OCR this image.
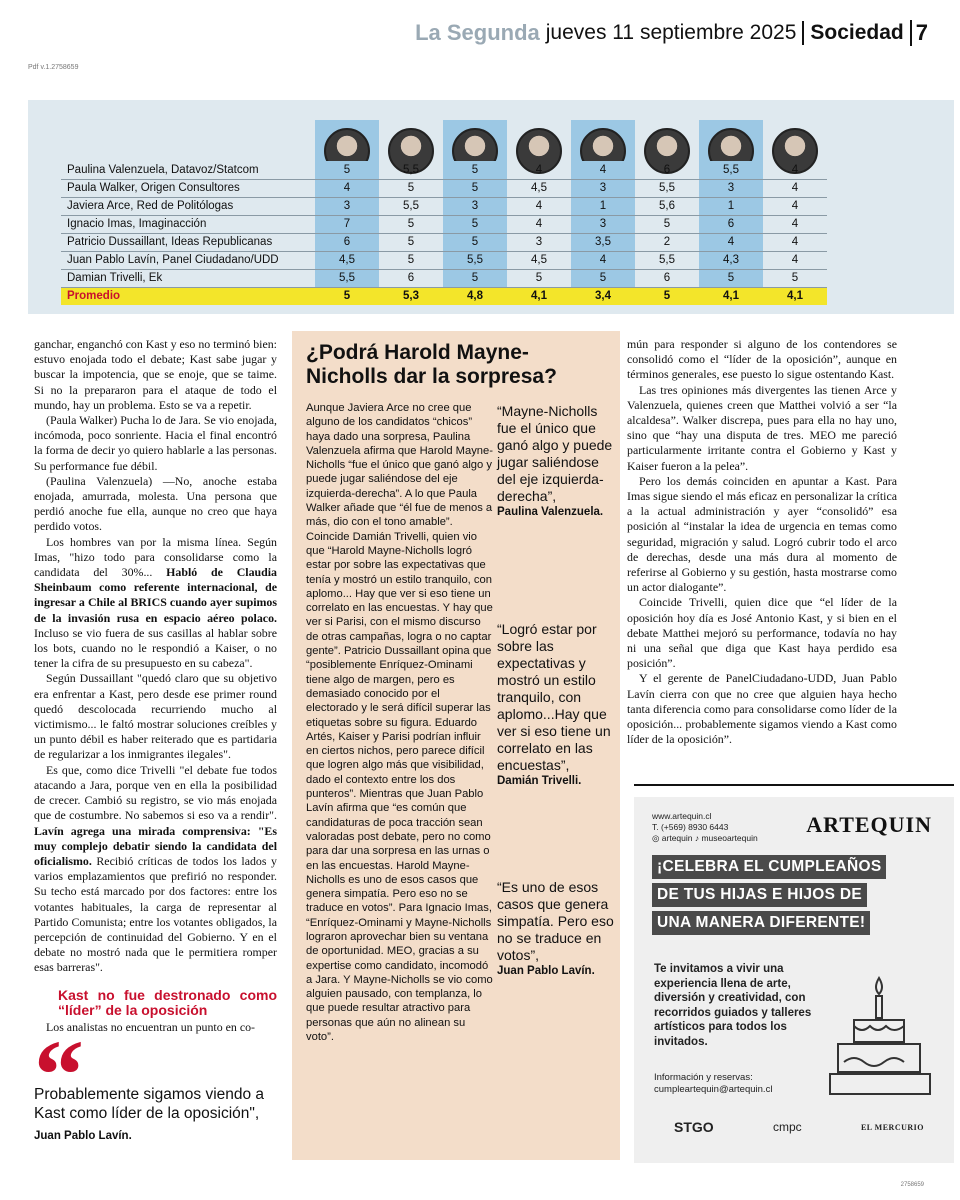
La Segunda jueves 11 septiembre 2025 Sociedad 7
Pdf v.1.2758659
Paulina Valenzuela, Datavoz/Statcom	5	5,5	5	4	4	6	5,5	4
Paula Walker, Origen Consultores	4	5	5	4,5	3	5,5	3	4
Javiera Arce, Red de Politólogas	3	5,5	3	4	1	5,6	1	4
Ignacio Imas, Imaginacción	7	5	5	4	3	5	6	4
Patricio Dussaillant, Ideas Republicanas	6	5	5	3	3,5	2	4	4
Juan Pablo Lavín, Panel Ciudadano/UDD	4,5	5	5,5	4,5	4	5,5	4,3	4
Damian Trivelli, Ek	5,5	6	5	5	5	6	5	5
Promedio	5	5,3	4,8	4,1	3,4	5	4,1	4,1

ganchar, enganchó con Kast y eso no terminó bien: estuvo enojada todo el debate; Kast sabe jugar y buscar la impotencia, que se enoje, que se taime. Si no la prepararon para el ataque de todo el mundo, hay un problema. Esto se va a repetir.

(Paula Walker) Pucha lo de Jara. Se vio enojada, incómoda, poco sonriente. Hacia el final encontró la forma de decir yo quiero hablarle a las personas. Su performance fue débil.

(Paulina Valenzuela) —No, anoche estaba enojada, amurrada, molesta. Una persona que perdió anoche fue ella, aunque no creo que haya perdido votos.

Los hombres van por la misma línea. Según Imas, "hizo todo para consolidarse como la candidata del 30%... Habló de Claudia Sheinbaum como referente internacional, de ingresar a Chile al BRICS cuando ayer supimos de la invasión rusa en espacio aéreo polaco. Incluso se vio fuera de sus casillas al hablar sobre los bots, cuando no le respondió a Kaiser, o no tener la cifra de su presupuesto en su cabeza".

Según Dussaillant "quedó claro que su objetivo era enfrentar a Kast, pero desde ese primer round quedó descolocada recurriendo mucho al victimismo... le faltó mostrar soluciones creíbles y un punto débil es haber reiterado que es partidaria de regularizar a los inmigrantes ilegales".

Es que, como dice Trivelli "el debate fue todos atacando a Jara, porque ven en ella la posibilidad de crecer. Cambió su registro, se vio más enojada que de costumbre. No sabemos si eso va a rendir". Lavín agrega una mirada comprensiva: "Es muy complejo debatir siendo la candidata del oficialismo. Recibió críticas de todos los lados y varios emplazamientos que prefirió no responder. Su techo está marcado por dos factores: entre los votantes habituales, la carga de representar al Partido Comunista; entre los votantes obligados, la percepción de continuidad del Gobierno. Y en el debate no mostró nada que le permitiera romper esas barreras".

Kast no fue destronado como “líder” de la oposición

Los analistas no encuentran un punto en co-

“
Probablemente sigamos viendo a Kast como líder de la oposición",
Juan Pablo Lavín.
¿Podrá Harold Mayne-Nicholls dar la sorpresa?
Aunque Javiera Arce no cree que alguno de los candidatos “chicos” haya dado una sorpresa, Paulina Valenzuela afirma que Harold Mayne-Nicholls “fue el único que ganó algo y puede jugar saliéndose del eje izquierda-derecha”. A lo que Paula Walker añade que “él fue de menos a más, dio con el tono amable”. Coincide Damián Trivelli, quien vio que “Harold Mayne-Nicholls logró estar por sobre las expectativas que tenía y mostró un estilo tranquilo, con aplomo... Hay que ver si eso tiene un correlato en las encuestas. Y hay que ver si Parisi, con el mismo discurso de otras campañas, logra o no captar gente”. Patricio Dussaillant opina que “posiblemente Enríquez-Ominami tiene algo de margen, pero es demasiado conocido por el electorado y le será difícil superar las etiquetas sobre su figura. Eduardo Artés, Kaiser y Parisi podrían influir en ciertos nichos, pero parece difícil que logren algo más que visibilidad, dado el contexto entre los dos punteros”. Mientras que Juan Pablo Lavín afirma que “es común que candidaturas de poca tracción sean valoradas post debate, pero no como para dar una sorpresa en las urnas o en las encuestas. Harold Mayne-Nicholls es uno de esos casos que genera simpatía. Pero eso no se traduce en votos”. Para Ignacio Imas, “Enríquez-Ominami y Mayne-Nicholls lograron aprovechar bien su ventana de oportunidad. MEO, gracias a su expertise como candidato, incomodó a Jara. Y Mayne-Nicholls se vio como alguien pausado, con templanza, lo que puede resultar atractivo para personas que aún no alinean su voto”.
“Mayne-Nicholls fue el único que ganó algo y puede jugar saliéndose del eje izquierda-derecha”,
Paulina Valenzuela.
“Logró estar por sobre las expectativas y mostró un estilo tranquilo, con aplomo...Hay que ver si eso tiene un correlato en las encuestas”,
Damián Trivelli.
“Es uno de esos casos que genera simpatía. Pero eso no se traduce en votos”,
Juan Pablo Lavín.

mún para responder si alguno de los contendores se consolidó como el “líder de la oposición”, aunque en términos generales, ese puesto lo sigue ostentando Kast.

Las tres opiniones más divergentes las tienen Arce y Valenzuela, quienes creen que Matthei volvió a ser “la alcaldesa”. Walker discrepa, pues para ella no hay uno, sino que “hay una disputa de tres. MEO me pareció particularmente irritante contra el Gobierno y Kast y Kaiser fueron a la pelea”.

Pero los demás coinciden en apuntar a Kast. Para Imas sigue siendo el más eficaz en personalizar la crítica a la actual administración y ayer “consolidó” esa posición al “instalar la idea de urgencia en temas como seguridad, migración y salud. Logró cubrir todo el arco de derechas, desde una más dura al momento de referirse al Gobierno y su gestión, hasta mostrarse como un actor dialogante”.

Coincide Trivelli, quien dice que “el líder de la oposición hoy día es José Antonio Kast, y si bien en el debate Matthei mejoró su performance, todavía no hay ni una señal que diga que Kast haya perdido esa posición”.

Y el gerente de PanelCiudadano-UDD, Juan Pablo Lavín cierra con que no cree que alguien haya hecho tanta diferencia como para consolidarse como líder de la oposición... probablemente sigamos viendo a Kast como líder de la oposición”.

www.artequin.cl
T. (+569) 8930 6443
◎ artequin ♪ museoartequin
ARTEQUIN
¡CELEBRA EL CUMPLEAÑOS DE TUS HIJAS E HIJOS DE UNA MANERA DIFERENTE!
Te invitamos a vivir una experiencia llena de arte, diversión y creatividad, con recorridos guiados y talleres artísticos para todos los invitados.
Información y reservas:
cumpleartequin@artequin.cl
STGO	cmpc	EL MERCURIO
2758659
